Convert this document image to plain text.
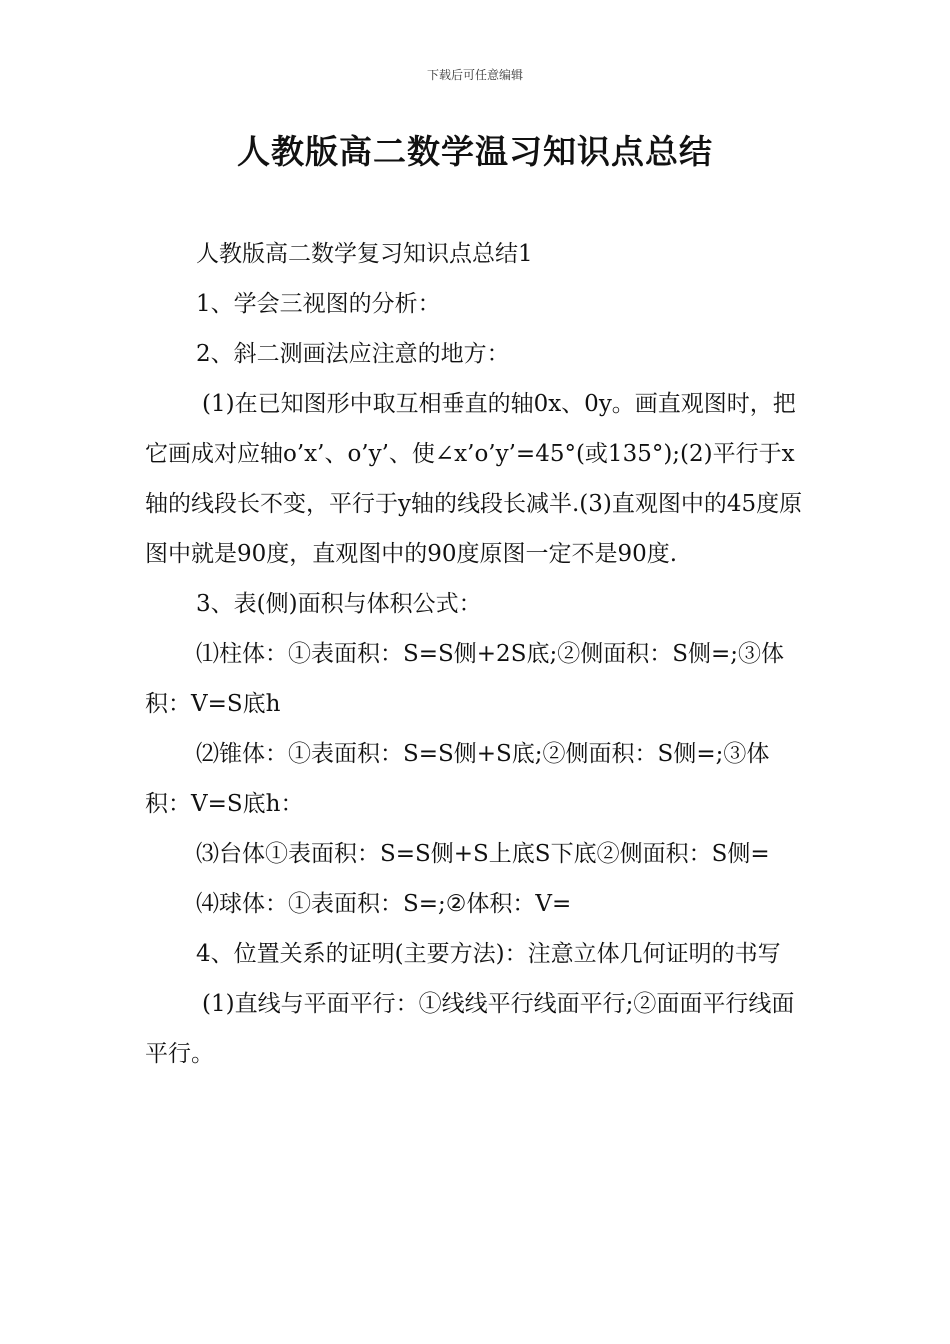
下载后可任意编辑
人教版高二数学温习知识点总结

人教版高二数学复习知识点总结1

1、学会三视图的分析：

2、斜二测画法应注意的地方：

(1)在已知图形中取互相垂直的轴0x、0y。画直观图时，把它画成对应轴o’x’、o’y’、使∠x’o’y’=45°(或135°);(2)平行于x轴的线段长不变，平行于y轴的线段长减半.(3)直观图中的45度原图中就是90度，直观图中的90度原图一定不是90度.

3、表(侧)面积与体积公式：

⑴柱体：①表面积：S=S侧+2S底;②侧面积：S侧=;③体积：V=S底h

⑵锥体：①表面积：S=S侧+S底;②侧面积：S侧=;③体积：V=S底h：

⑶台体①表面积：S=S侧+S上底S下底②侧面积：S侧=

⑷球体：①表面积：S=;②体积：V=

4、位置关系的证明(主要方法)：注意立体几何证明的书写

(1)直线与平面平行：①线线平行线面平行;②面面平行线面平行。
